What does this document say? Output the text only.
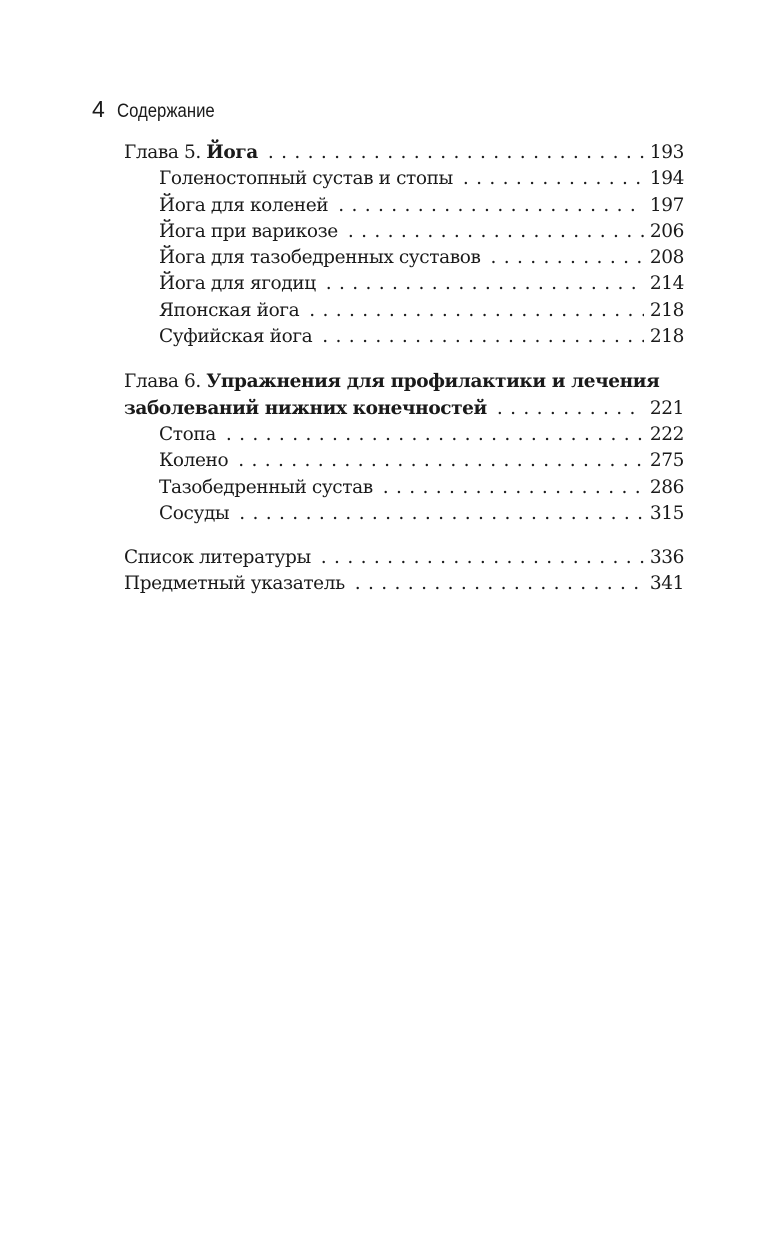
4 Содержание
Глава 5. Йога . . .	193
Голеностопный сустав и стопы . . .	194
Йога для коленей . . .	197
Йога при варикозе . . .	206
Йога для тазобедренных суставов . . .	208
Йога для ягодиц . . .	214
Японская йога . . .	218
Суфийская йога . . .	218
Глава 6. Упражнения для профилактики и лечения
заболеваний нижних конечностей . . .	221
Стопа . . .	222
Колено . . .	275
Тазобедренный сустав . . .	286
Сосуды . . .	315
Список литературы . . .	336
Предметный указатель . . .	341
